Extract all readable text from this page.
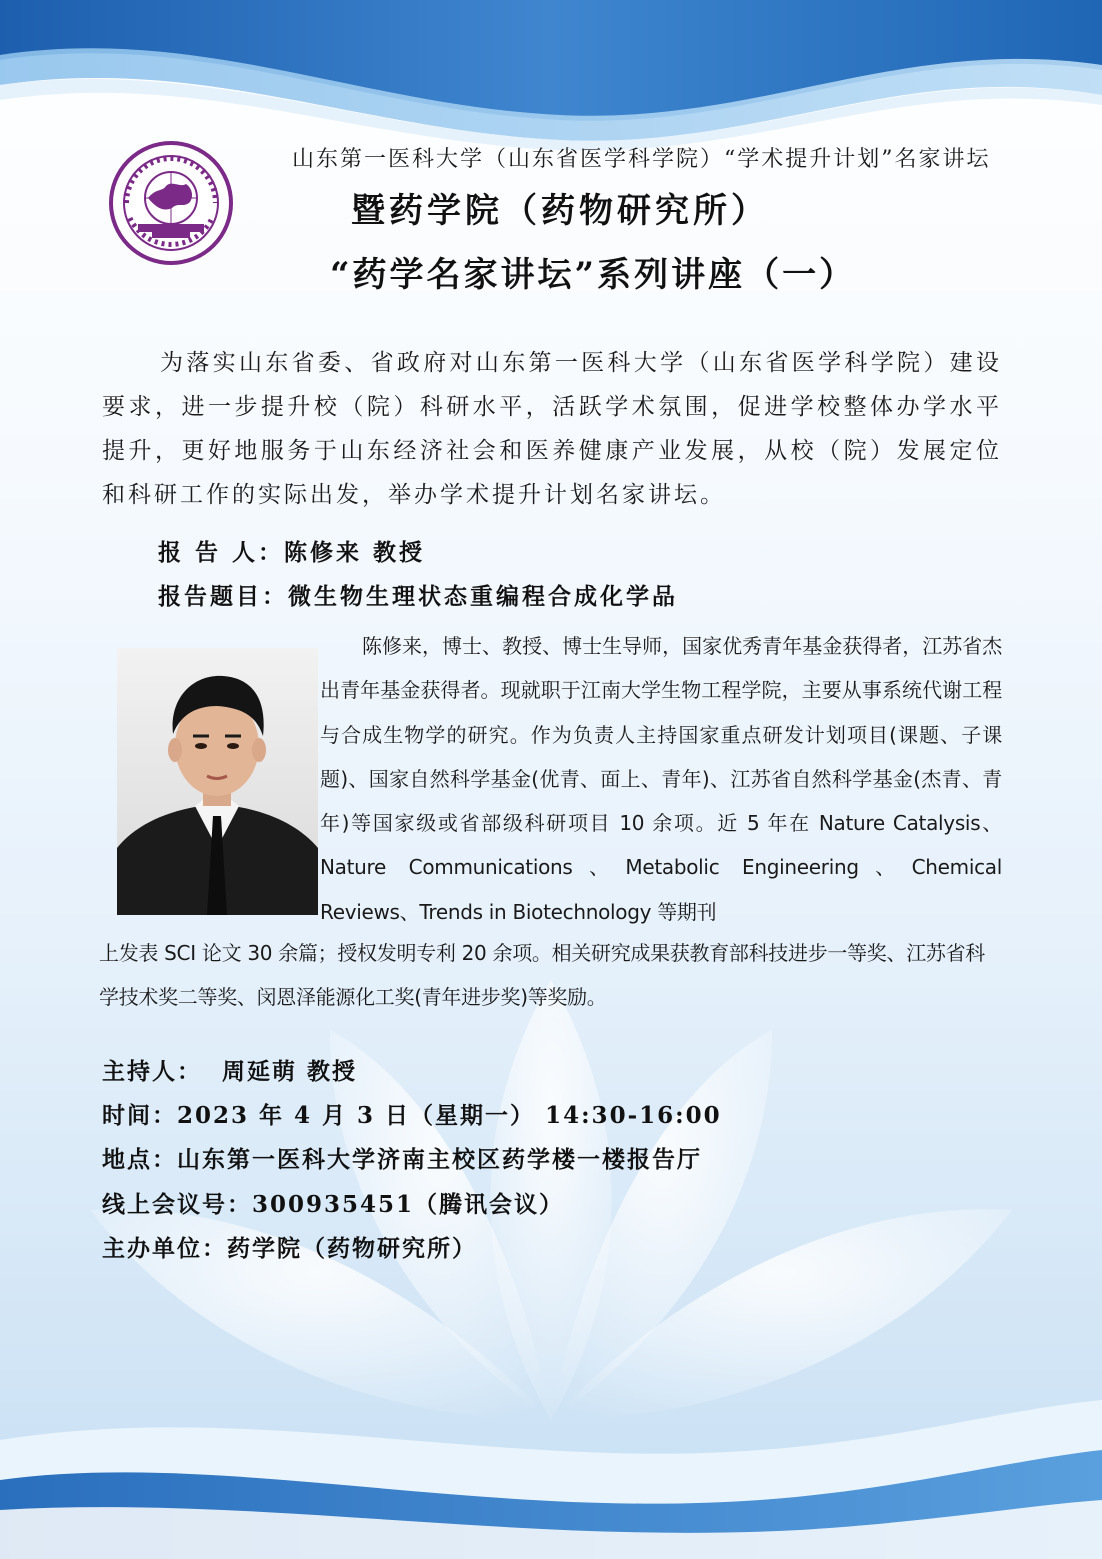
山东第一医科大学（山东省医学科学院）“学术提升计划”名家讲坛
暨药学院（药物研究所）
“药学名家讲坛”系列讲座（一）
为落实山东省委、省政府对山东第一医科大学（山东省医学科学院）建设要求，进一步提升校（院）科研水平，活跃学术氛围，促进学校整体办学水平提升，更好地服务于山东经济社会和医养健康产业发展，从校（院）发展定位和科研工作的实际出发，举办学术提升计划名家讲坛。
报 告 人：陈修来 教授
报告题目：微生物生理状态重编程合成化学品
陈修来，博士、教授、博士生导师，国家优秀青年基金获得者，江苏省杰出青年基金获得者。现就职于江南大学生物工程学院，主要从事系统代谢工程与合成生物学的研究。作为负责人主持国家重点研发计划项目(课题、子课题)、国家自然科学基金(优青、面上、青年)、江苏省自然科学基金(杰青、青年)等国家级或省部级科研项目 10 余项。近 5 年在 Nature Catalysis、Nature Communications、Metabolic Engineering、Chemical Reviews、Trends in Biotechnology 等期刊
上发表 SCI 论文 30 余篇；授权发明专利 20 余项。相关研究成果获教育部科技进步一等奖、江苏省科学技术奖二等奖、闵恩泽能源化工奖(青年进步奖)等奖励。
主持人： 周延萌 教授
时间：2023 年 4 月 3 日（星期一） 14:30-16:00
地点：山东第一医科大学济南主校区药学楼一楼报告厅
线上会议号：300935451（腾讯会议）
主办单位：药学院（药物研究所）
